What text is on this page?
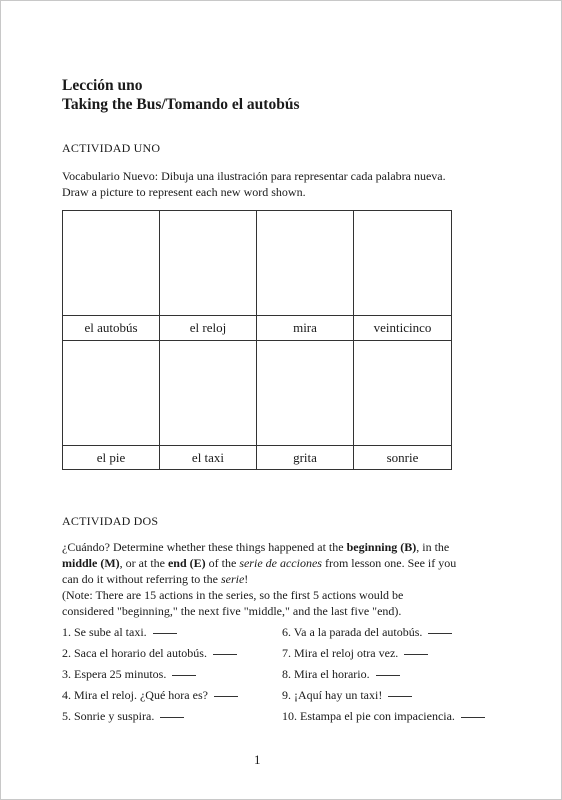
Lección uno
Taking the Bus/Tomando el autobús
ACTIVIDAD UNO
Vocabulario Nuevo: Dibuja una ilustración para representar cada palabra nueva.
Draw a picture to represent each new word shown.
el autobús	el reloj	mira	veinticinco
el pie	el taxi	grita	sonrie
ACTIVIDAD DOS
¿Cuándo? Determine whether these things happened at the beginning (B), in the
middle (M), or at the end (E) of the serie de acciones from lesson one. See if you
can do it without referring to the serie!
(Note: There are 15 actions in the series, so the first 5 actions would be
considered "beginning," the next five "middle," and the last five "end).
1. Se sube al taxi.
2. Saca el horario del autobús.
3. Espera 25 minutos.
4. Mira el reloj. ¿Qué hora es?
5. Sonrie y suspira.
6. Va a la parada del autobús.
7. Mira el reloj otra vez.
8. Mira el horario.
9. ¡Aquí hay un taxi!
10. Estampa el pie con impaciencia.
1
